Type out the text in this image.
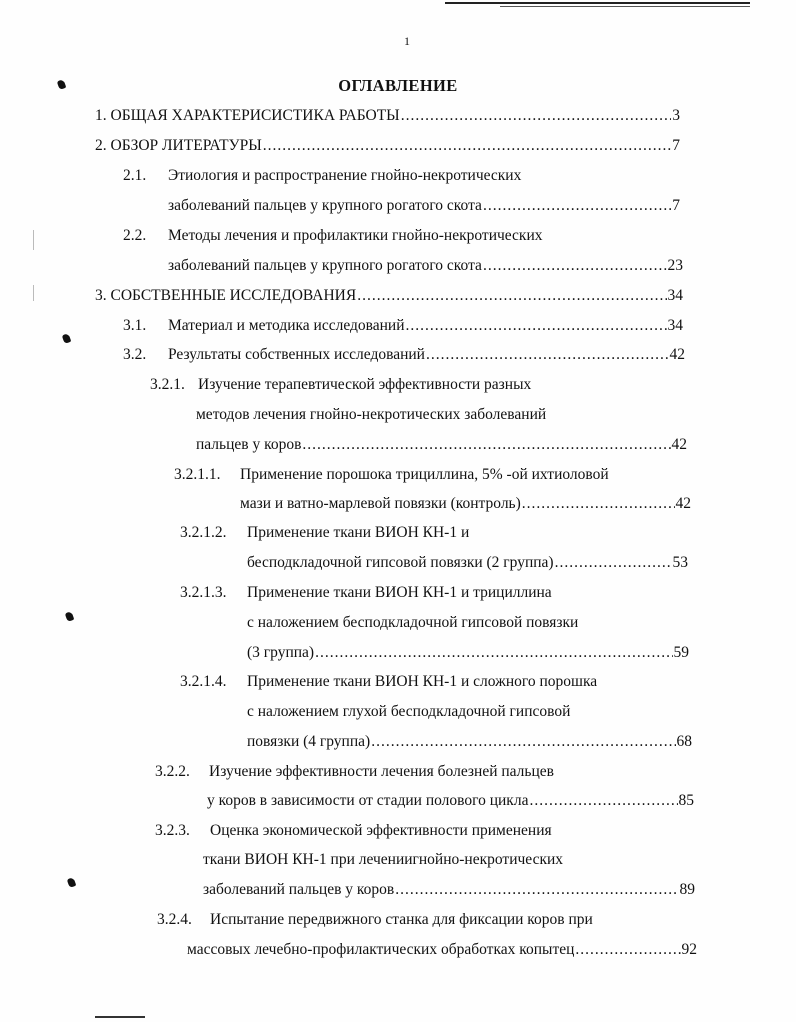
1
ОГЛАВЛЕНИЕ
1.
ОБЩАЯ ХАРАКТЕРИСИСТИКА РАБОТЫ .....	3
2.
ОБЗОР ЛИТЕРАТУРЫ .....	7
2.1. Этиология и распространение гнойно-некротических
заболеваний пальцев у крупного рогатого скота .....	7
2.2. Методы лечения и профилактики гнойно-некротических
заболеваний пальцев у крупного рогатого скота .....	23
3.
СОБСТВЕННЫЕ ИССЛЕДОВАНИЯ .....	34
3.1. Материал и методика исследований .....	34
3.2. Результаты собственных исследований .....	42
3.2.1. Изучение терапевтической эффективности разных
методов лечения гнойно-некротических заболеваний
пальцев у коров .....	42
3.2.1.1. Применение порошока трициллина, 5% -ой ихтиоловой
мази и ватно-марлевой повязки (контроль) .....	42
3.2.1.2. Применение ткани ВИОН КН-1 и
бесподкладочной гипсовой повязки (2 группа) .....	53
3.2.1.3. Применение ткани ВИОН КН-1 и трициллина
с наложением бесподкладочной гипсовой повязки
(3 группа) .....	59
3.2.1.4. Применение ткани ВИОН КН-1 и сложного порошка
с наложением глухой бесподкладочной гипсовой
повязки (4 группа) .....	68
3.2.2. Изучение эффективности лечения болезней пальцев
у коров в зависимости от стадии полового цикла .....	85
3.2.3. Оценка экономической эффективности применения
ткани ВИОН КН-1 при лечениигнойно-некротических
заболеваний пальцев у коров .....	89
3.2.4. Испытание передвижного станка для фиксации коров при
массовых лечебно-профилактических обработках копытец .....	92
